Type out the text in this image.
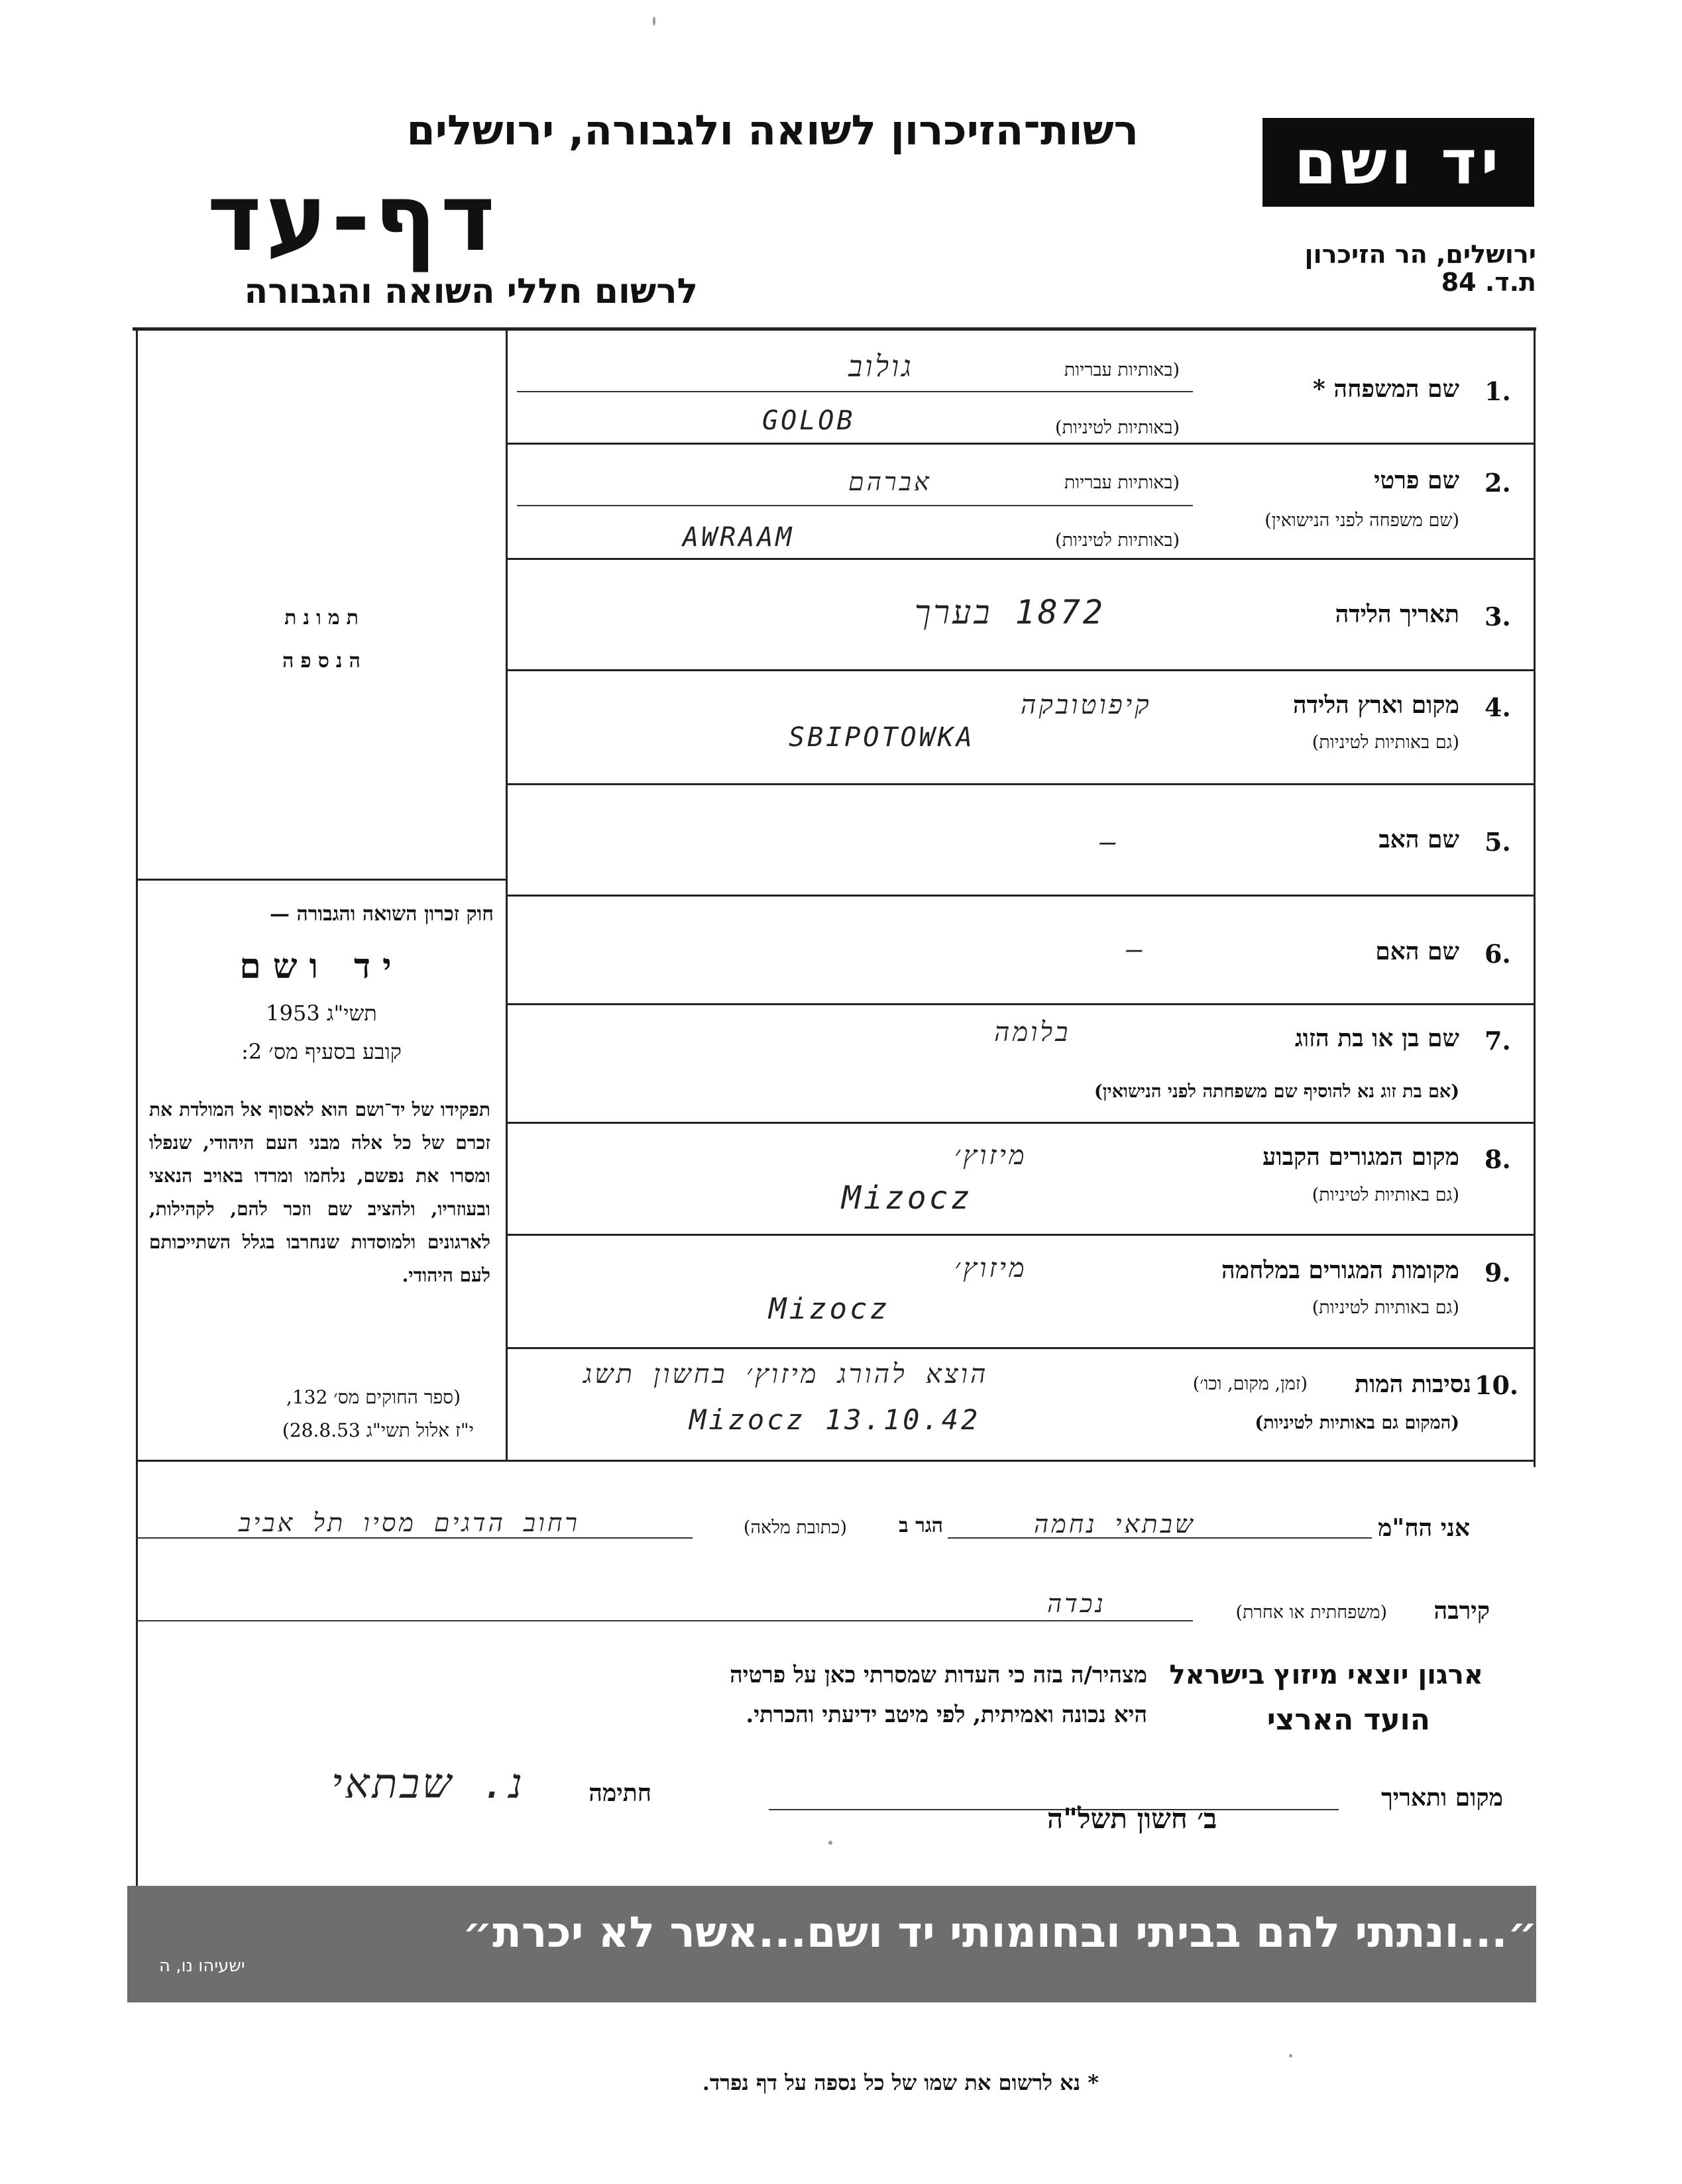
רשות־הזיכרון לשואה ולגבורה, ירושלים
דף-עד
לרשום חללי השואה והגבורה
יד ושם
ירושלים, הר הזיכרון
ת.ד. 84
תמונת
הנספה
חוק זכרון השואה והגבורה —
יד ושם
תשי"ג 1953
קובע בסעיף מס׳ 2:
תפקידו של יד־ושם הוא לאסוף אל המולדת את זכרם של כל אלה מבני העם היהודי, שנפלו ומסרו את נפשם, נלחמו ומרדו באויב הנאצי ובעוזריו, ולהציב שם וזכר להם, לקהילות, לארגונים ולמוסדות שנחרבו בגלל השתייכותם לעם היהודי.
(ספר החוקים מס׳ 132,
י"ז אלול תשי"ג 28.8.53)
1.
שם המשפחה *
(באותיות עבריות
גולוב
(באותיות לטיניות)
GOLOB
2.
שם פרטי
(שם משפחה לפני הנישואין)
(באותיות עבריות
אברהם
(באותיות לטיניות)
AWRAAM
3.
תאריך הלידה
1872 בערך
4.
מקום וארץ הלידה
(גם באותיות לטיניות)
קיפוטובקה
SBIPOTOWKA
5.
שם האב
—
6.
שם האם
—
7.
שם בן או בת הזוג
(אם בת זוג נא להוסיף שם משפחתה לפני הנישואין)
בלומה
8.
מקום המגורים הקבוע
(גם באותיות לטיניות)
מיזוץ׳
Mizocz
9.
מקומות המגורים במלחמה
(גם באותיות לטיניות)
מיזוץ׳
Mizocz
10.
נסיבות המות
(זמן, מקום, וכו׳)
(המקום גם באותיות לטיניות)
הוצא להורג מיזוץ׳ בחשון תשג
Mizocz 13.10.42
אני הח"מ
שבתאי נחמה
הגר ב
(כתובת מלאה)
רחוב הדגים מסיו תל אביב
קירבה
(משפחתית או אחרת)
נכדה
מצהיר/ה בזה כי העדות שמסרתי כאן על פרטיה
היא נכונה ואמיתית, לפי מיטב ידיעתי והכרתי.
ארגון יוצאי מיזוץ בישראל
הועד הארצי
מקום ותאריך
ב׳ חשון תשל"ה
חתימה
נ. שבתאי
״...ונתתי להם בביתי ובחומותי יד ושם...אשר לא יכרת״
ישעיהו נו, ה
* נא לרשום את שמו של כל נספה על דף נפרד.
